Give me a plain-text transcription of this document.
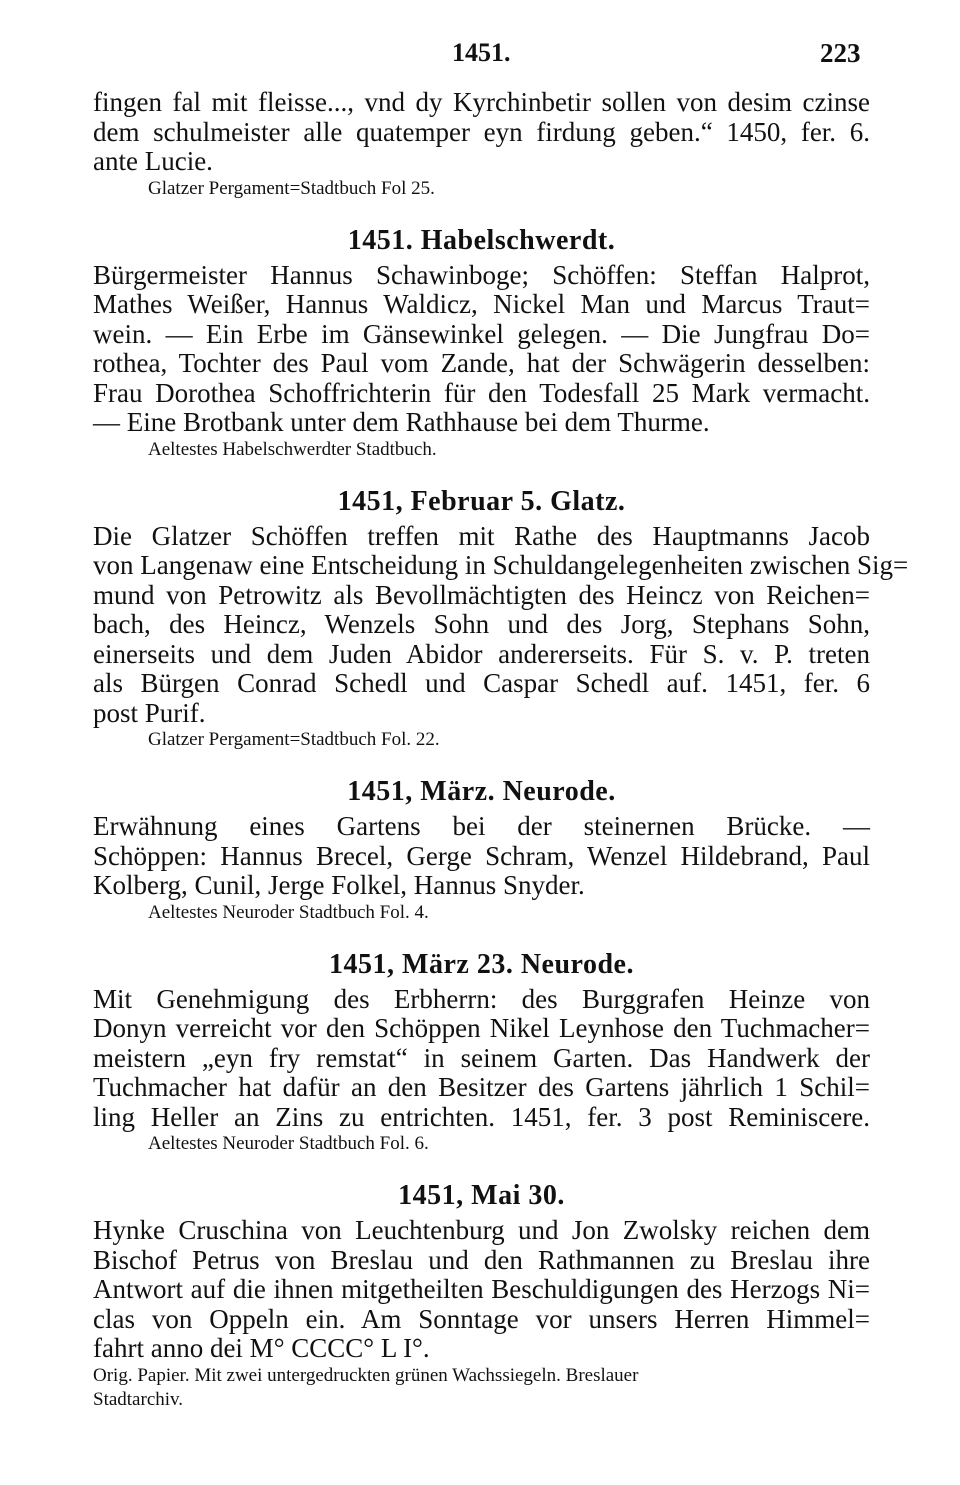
1451.	223
fingen fal mit fleisse..., vnd dy Kyrchinbetir sollen von desim czinse
dem schulmeister alle quatemper eyn firdung geben.“ 1450, fer. 6.
ante Lucie.
Glatzer Pergament=Stadtbuch Fol 25.
1451. Habelschwerdt.
Bürgermeister Hannus Schawinboge; Schöffen: Steffan Halprot,
Mathes Weißer, Hannus Waldicz, Nickel Man und Marcus Traut=
wein. — Ein Erbe im Gänsewinkel gelegen. — Die Jungfrau Do=
rothea, Tochter des Paul vom Zande, hat der Schwägerin desselben:
Frau Dorothea Schoffrichterin für den Todesfall 25 Mark vermacht.
— Eine Brotbank unter dem Rathhause bei dem Thurme.
Aeltestes Habelschwerdter Stadtbuch.
1451, Februar 5. Glatz.
Die Glatzer Schöffen treffen mit Rathe des Hauptmanns Jacob
von Langenaw eine Entscheidung in Schuldangelegenheiten zwischen Sig=
mund von Petrowitz als Bevollmächtigten des Heincz von Reichen=
bach, des Heincz, Wenzels Sohn und des Jorg, Stephans Sohn,
einerseits und dem Juden Abidor andererseits. Für S. v. P. treten
als Bürgen Conrad Schedl und Caspar Schedl auf. 1451, fer. 6
post Purif.
Glatzer Pergament=Stadtbuch Fol. 22.
1451, März. Neurode.
Erwähnung eines Gartens bei der steinernen Brücke. —
Schöppen: Hannus Brecel, Gerge Schram, Wenzel Hildebrand, Paul
Kolberg, Cunil, Jerge Folkel, Hannus Snyder.
Aeltestes Neuroder Stadtbuch Fol. 4.
1451, März 23. Neurode.
Mit Genehmigung des Erbherrn: des Burggrafen Heinze von
Donyn verreicht vor den Schöppen Nikel Leynhose den Tuchmacher=
meistern „eyn fry remstat“ in seinem Garten. Das Handwerk der
Tuchmacher hat dafür an den Besitzer des Gartens jährlich 1 Schil=
ling Heller an Zins zu entrichten. 1451, fer. 3 post Reminiscere.
Aeltestes Neuroder Stadtbuch Fol. 6.
1451, Mai 30.
Hynke Cruschina von Leuchtenburg und Jon Zwolsky reichen dem
Bischof Petrus von Breslau und den Rathmannen zu Breslau ihre
Antwort auf die ihnen mitgetheilten Beschuldigungen des Herzogs Ni=
clas von Oppeln ein. Am Sonntage vor unsers Herren Himmel=
fahrt anno dei M° CCCC° L I°.
Orig. Papier. Mit zwei untergedruckten grünen Wachssiegeln. Breslauer
Stadtarchiv.
